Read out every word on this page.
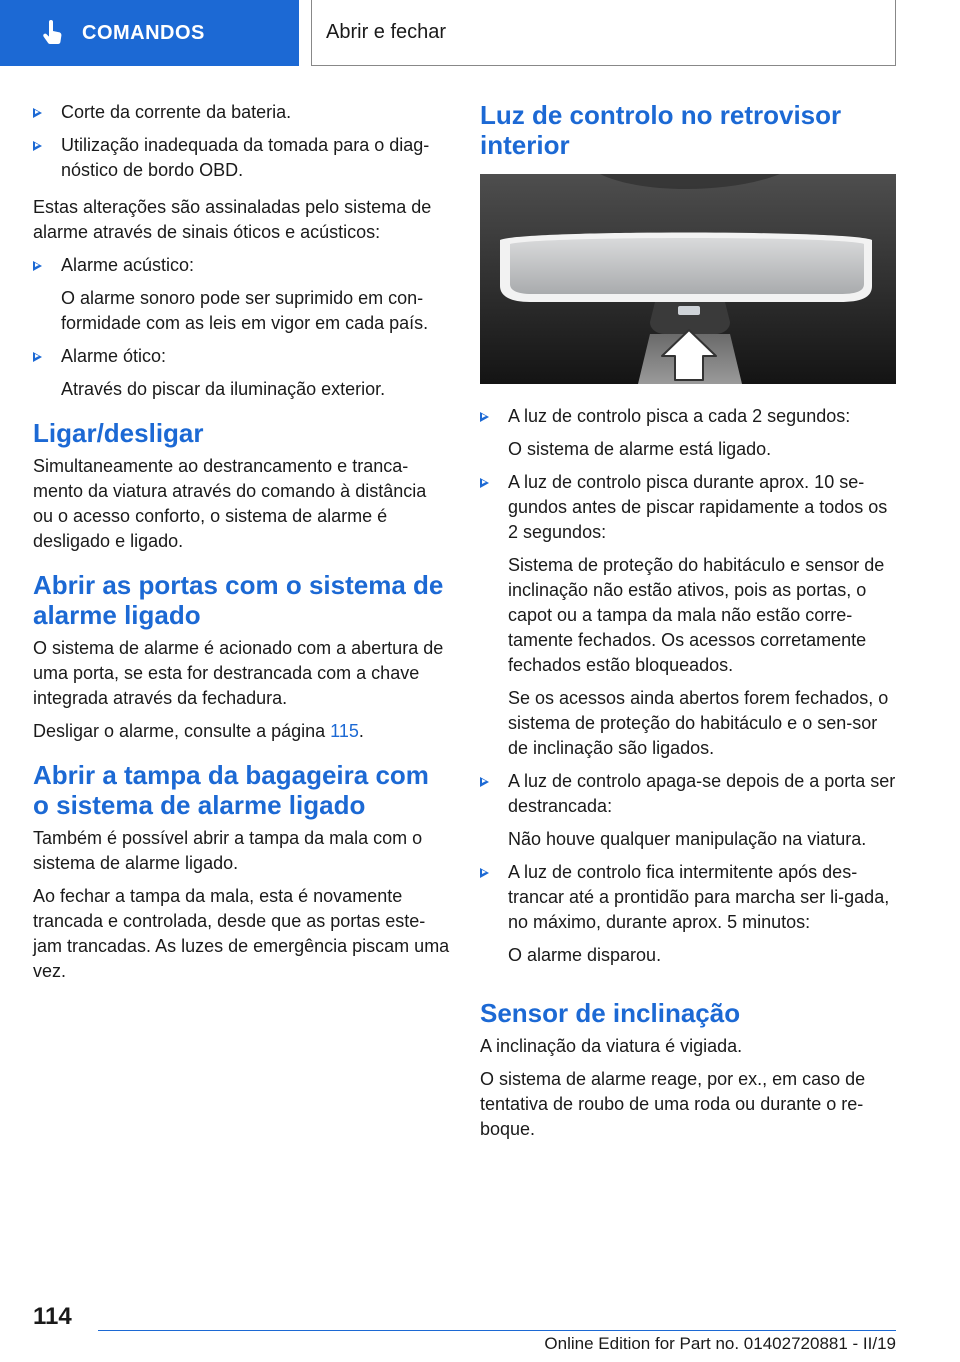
COMANDOS	Abrir e fechar

Corte da corrente da bateria.

Utilização inadequada da tomada para o diag-nóstico de bordo OBD.

Estas alterações são assinaladas pelo sistema de alarme através de sinais óticos e acústicos:

Alarme acústico:

O alarme sonoro pode ser suprimido em con-formidade com as leis em vigor em cada país.

Alarme ótico:

Através do piscar da iluminação exterior.

Ligar/desligar

Simultaneamente ao destrancamento e tranca-mento da viatura através do comando à distância ou o acesso conforto, o sistema de alarme é desligado e ligado.

Abrir as portas com o sistema de alarme ligado

O sistema de alarme é acionado com a abertura de uma porta, se esta for destrancada com a chave integrada através da fechadura.

Desligar o alarme, consulte a página 115.

Abrir a tampa da bagageira com o sistema de alarme ligado

Também é possível abrir a tampa da mala com o sistema de alarme ligado.

Ao fechar a tampa da mala, esta é novamente trancada e controlada, desde que as portas este-jam trancadas. As luzes de emergência piscam uma vez.

Luz de controlo no retrovisor interior

A luz de controlo pisca a cada 2 segundos:

O sistema de alarme está ligado.

A luz de controlo pisca durante aprox. 10 se-gundos antes de piscar rapidamente a todos os 2 segundos:

Sistema de proteção do habitáculo e sensor de inclinação não estão ativos, pois as portas, o capot ou a tampa da mala não estão corre-tamente fechados. Os acessos corretamente fechados estão bloqueados.

Se os acessos ainda abertos forem fechados, o sistema de proteção do habitáculo e o sen-sor de inclinação são ligados.

A luz de controlo apaga-se depois de a porta ser destrancada:

Não houve qualquer manipulação na viatura.

A luz de controlo fica intermitente após des-trancar até a prontidão para marcha ser li-gada, no máximo, durante aprox. 5 minutos:

O alarme disparou.

Sensor de inclinação

A inclinação da viatura é vigiada.

O sistema de alarme reage, por ex., em caso de tentativa de roubo de uma roda ou durante o re-boque.

114
Online Edition for Part no. 01402720881 - II/19
